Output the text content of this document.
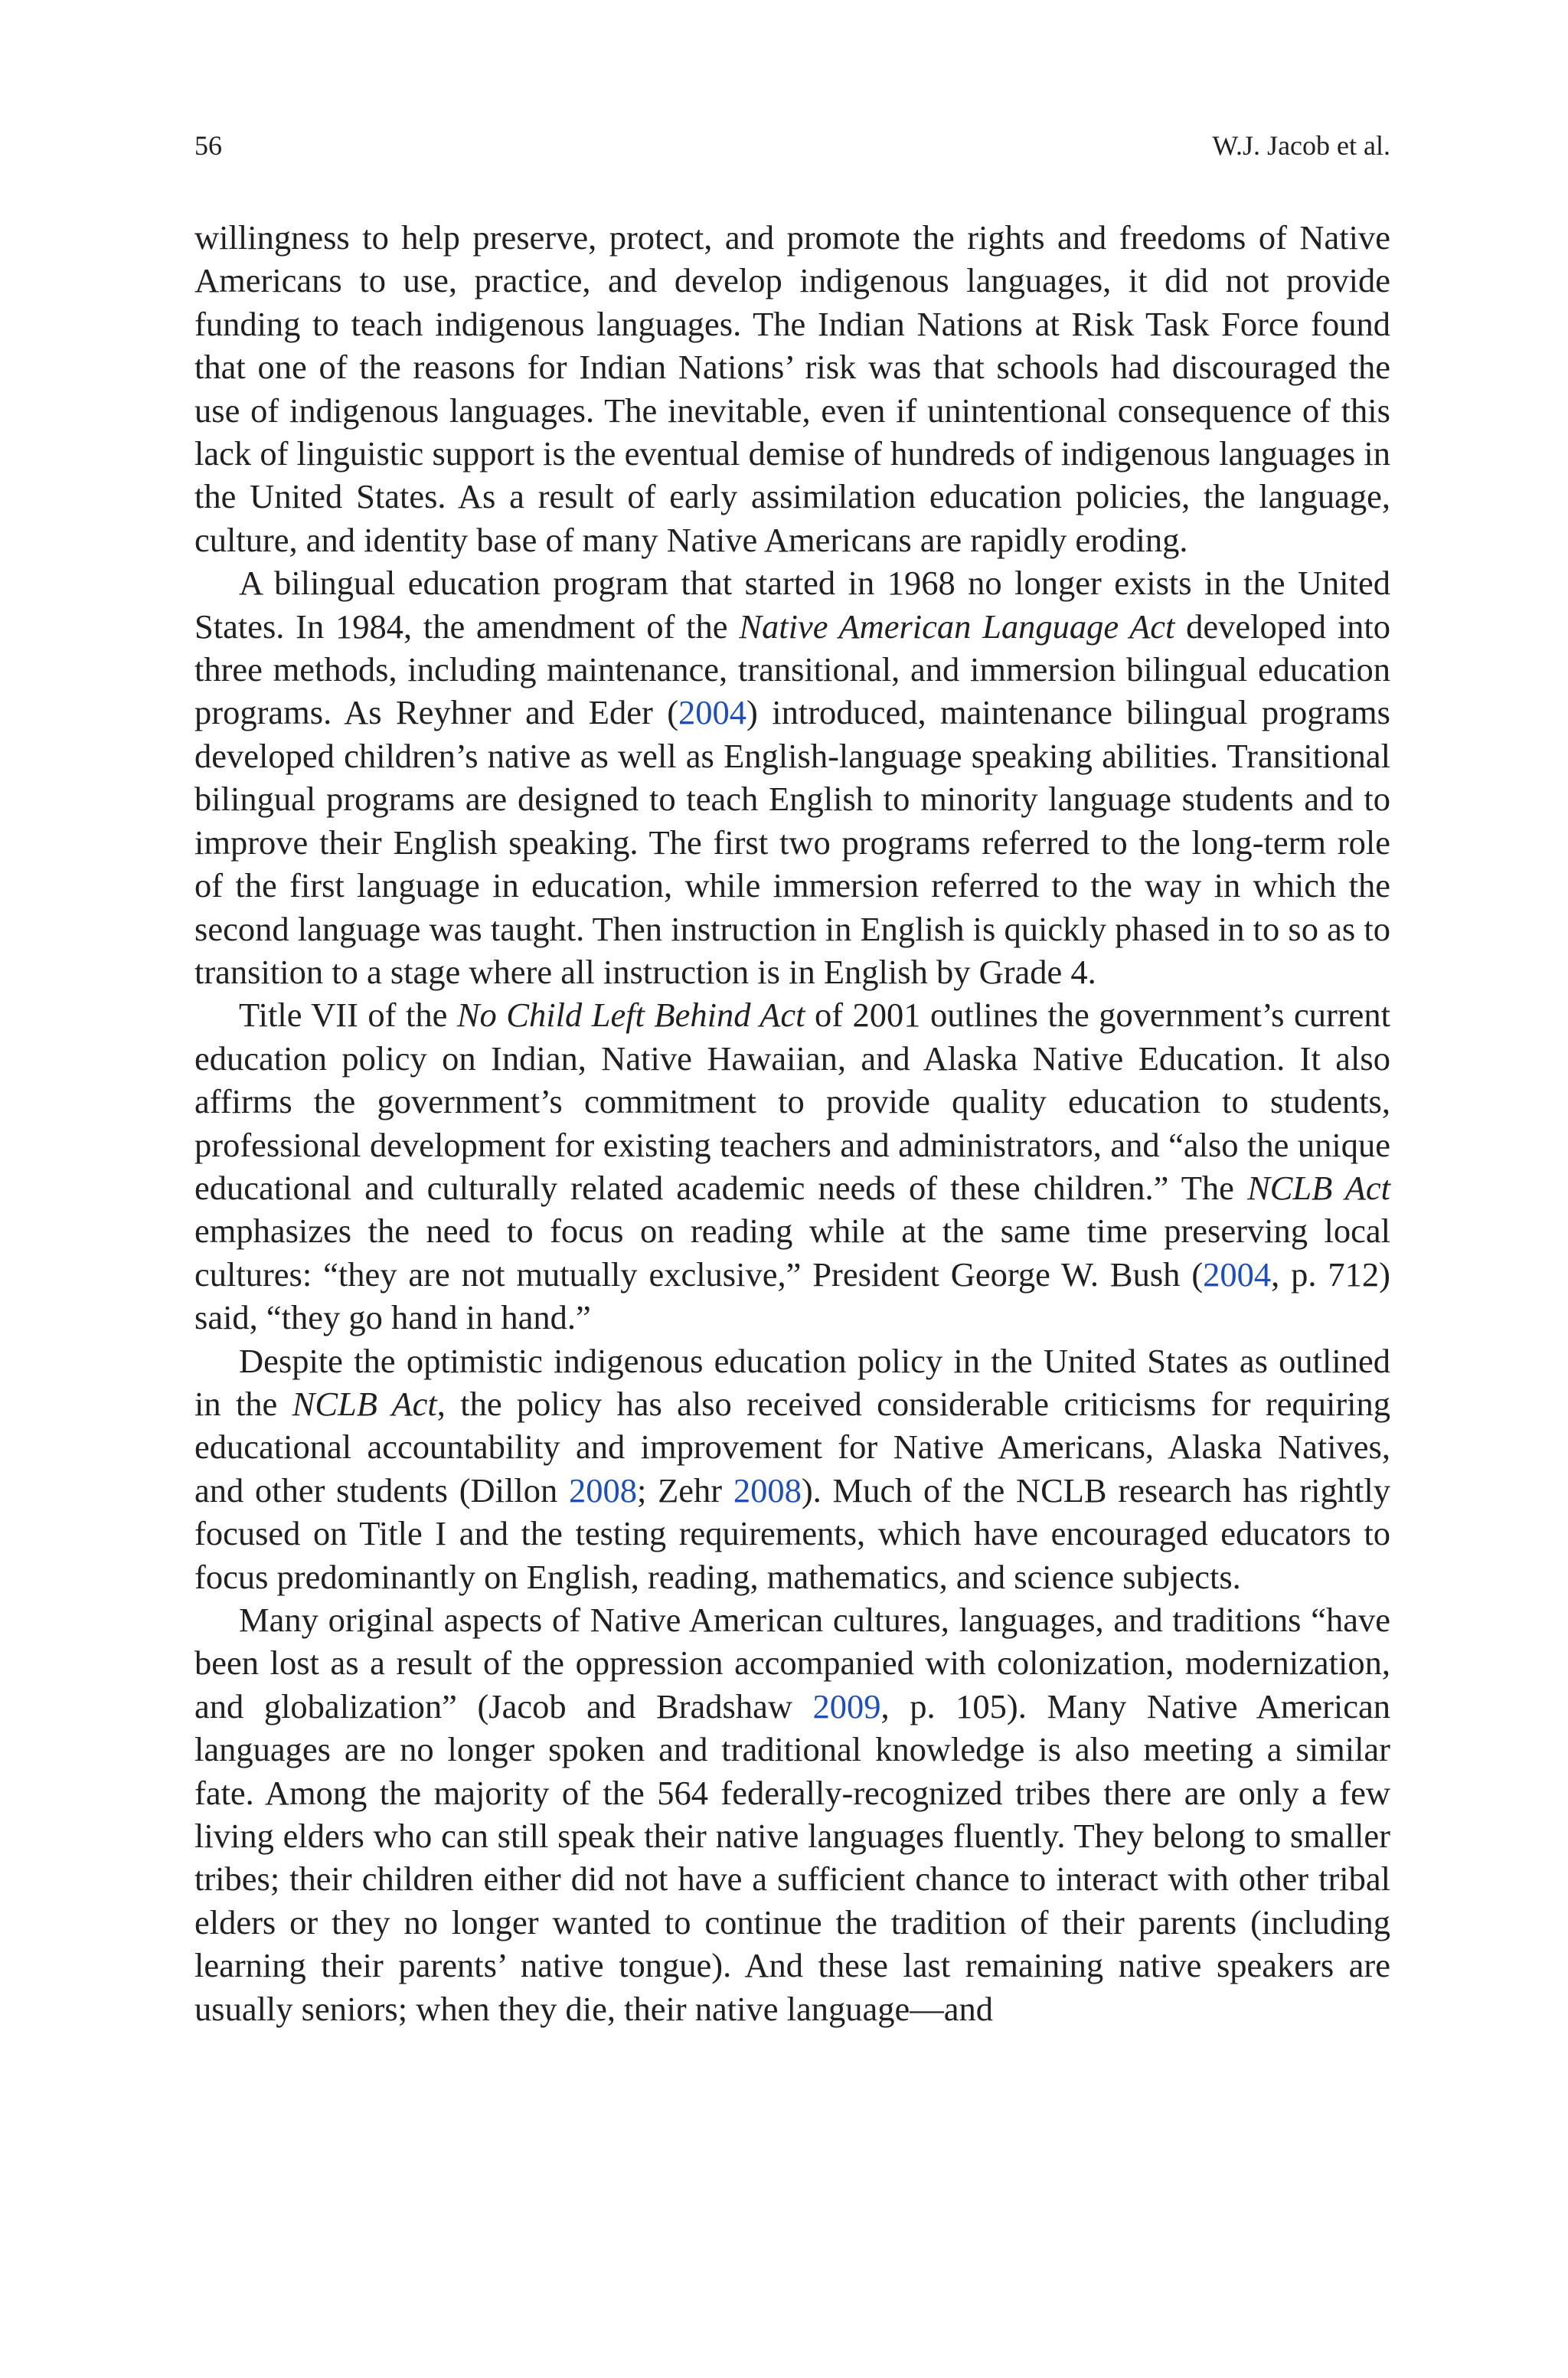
56	W.J. Jacob et al.

willingness to help preserve, protect, and promote the rights and freedoms of Native Americans to use, practice, and develop indigenous languages, it did not provide funding to teach indigenous languages. The Indian Nations at Risk Task Force found that one of the reasons for Indian Nations’ risk was that schools had discouraged the use of indigenous languages. The inevitable, even if unintentional consequence of this lack of linguistic support is the eventual demise of hundreds of indigenous languages in the United States. As a result of early assimilation education policies, the language, culture, and identity base of many Native Americans are rapidly eroding.

A bilingual education program that started in 1968 no longer exists in the United States. In 1984, the amendment of the Native American Language Act developed into three methods, including maintenance, transitional, and immersion bilingual education programs. As Reyhner and Eder (2004) introduced, maintenance bilingual programs developed children’s native as well as English-language speaking abilities. Transitional bilingual programs are designed to teach English to minority language students and to improve their English speaking. The first two programs referred to the long-term role of the first language in education, while immersion referred to the way in which the second language was taught. Then instruction in English is quickly phased in to so as to transition to a stage where all instruction is in English by Grade 4.

Title VII of the No Child Left Behind Act of 2001 outlines the government’s current education policy on Indian, Native Hawaiian, and Alaska Native Education. It also affirms the government’s commitment to provide quality education to students, professional development for existing teachers and administrators, and “also the unique educational and culturally related academic needs of these children.” The NCLB Act emphasizes the need to focus on reading while at the same time preserving local cultures: “they are not mutually exclusive,” President George W. Bush (2004, p. 712) said, “they go hand in hand.”

Despite the optimistic indigenous education policy in the United States as outlined in the NCLB Act, the policy has also received considerable criticisms for requiring educational accountability and improvement for Native Americans, Alaska Natives, and other students (Dillon 2008; Zehr 2008). Much of the NCLB research has rightly focused on Title I and the testing requirements, which have encouraged educators to focus predominantly on English, reading, mathematics, and science subjects.

Many original aspects of Native American cultures, languages, and traditions “have been lost as a result of the oppression accompanied with colonization, modernization, and globalization” (Jacob and Bradshaw 2009, p. 105). Many Native American languages are no longer spoken and traditional knowledge is also meeting a similar fate. Among the majority of the 564 federally-recognized tribes there are only a few living elders who can still speak their native languages fluently. They belong to smaller tribes; their children either did not have a sufficient chance to interact with other tribal elders or they no longer wanted to continue the tradition of their parents (including learning their parents’ native tongue). And these last remaining native speakers are usually seniors; when they die, their native language—and
